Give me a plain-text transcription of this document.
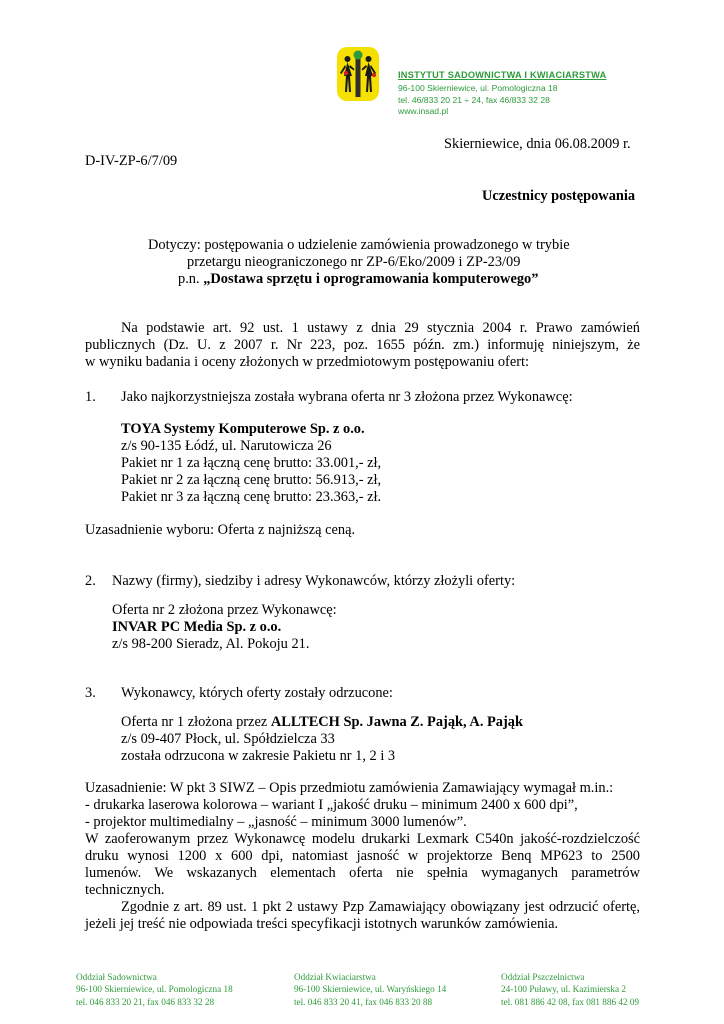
INSTYTUT SADOWNICTWA I KWIACIARSTWA
96-100 Skierniewice, ul. Pomologiczna 18
tel. 46/833 20 21 ÷ 24, fax 46/833 32 28
www.insad.pl
Skierniewice, dnia 06.08.2009 r.
D-IV-ZP-6/7/09
Uczestnicy postępowania
Dotyczy: postępowania o udzielenie zamówienia prowadzonego w trybie
przetargu nieograniczonego nr ZP-6/Eko/2009 i ZP-23/09
p.n. „Dostawa sprzętu i oprogramowania komputerowego”
Na podstawie art. 92 ust. 1 ustawy z dnia 29 stycznia 2004 r. Prawo zamówień
publicznych (Dz. U. z 2007 r. Nr 223, poz. 1655 późn. zm.) informuję niniejszym, że
w wyniku badania i oceny złożonych w przedmiotowym postępowaniu ofert:
1. Jako najkorzystniejsza została wybrana oferta nr 3 złożona przez Wykonawcę:
TOYA Systemy Komputerowe Sp. z o.o.
z/s 90-135 Łódź, ul. Narutowicza 26
Pakiet nr 1 za łączną cenę brutto: 33.001,- zł,
Pakiet nr 2 za łączną cenę brutto: 56.913,- zł,
Pakiet nr 3 za łączną cenę brutto: 23.363,- zł.
Uzasadnienie wyboru: Oferta z najniższą ceną.
2. Nazwy (firmy), siedziby i adresy Wykonawców, którzy złożyli oferty:
Oferta nr 2 złożona przez Wykonawcę:
INVAR PC Media Sp. z o.o.
z/s 98-200 Sieradz, Al. Pokoju 21.
3. Wykonawcy, których oferty zostały odrzucone:
Oferta nr 1 złożona przez ALLTECH Sp. Jawna Z. Pająk, A. Pająk
z/s 09-407 Płock, ul. Spółdzielcza 33
została odrzucona w zakresie Pakietu nr 1, 2 i 3
Uzasadnienie: W pkt 3 SIWZ – Opis przedmiotu zamówienia Zamawiający wymagał m.in.:
- drukarka laserowa kolorowa – wariant I „jakość druku – minimum 2400 x 600 dpi”,
- projektor multimedialny – „jasność – minimum 3000 lumenów”.
W zaoferowanym przez Wykonawcę modelu drukarki Lexmark C540n jakość-rozdzielczość
druku wynosi 1200 x 600 dpi, natomiast jasność w projektorze Benq MP623 to 2500
lumenów. We wskazanych elementach oferta nie spełnia wymaganych parametrów
technicznych.
Zgodnie z art. 89 ust. 1 pkt 2 ustawy Pzp Zamawiający obowiązany jest odrzucić ofertę,
jeżeli jej treść nie odpowiada treści specyfikacji istotnych warunków zamówienia.
Oddział Sadownictwa
96-100 Skierniewice, ul. Pomologiczna 18
tel. 046 833 20 21, fax 046 833 32 28
Oddział Kwiaciarstwa
96-100 Skierniewice, ul. Waryńskiego 14
tel. 046 833 20 41, fax 046 833 20 88
Oddział Pszczelnictwa
24-100 Puławy, ul. Kazimierska 2
tel. 081 886 42 08, fax 081 886 42 09
